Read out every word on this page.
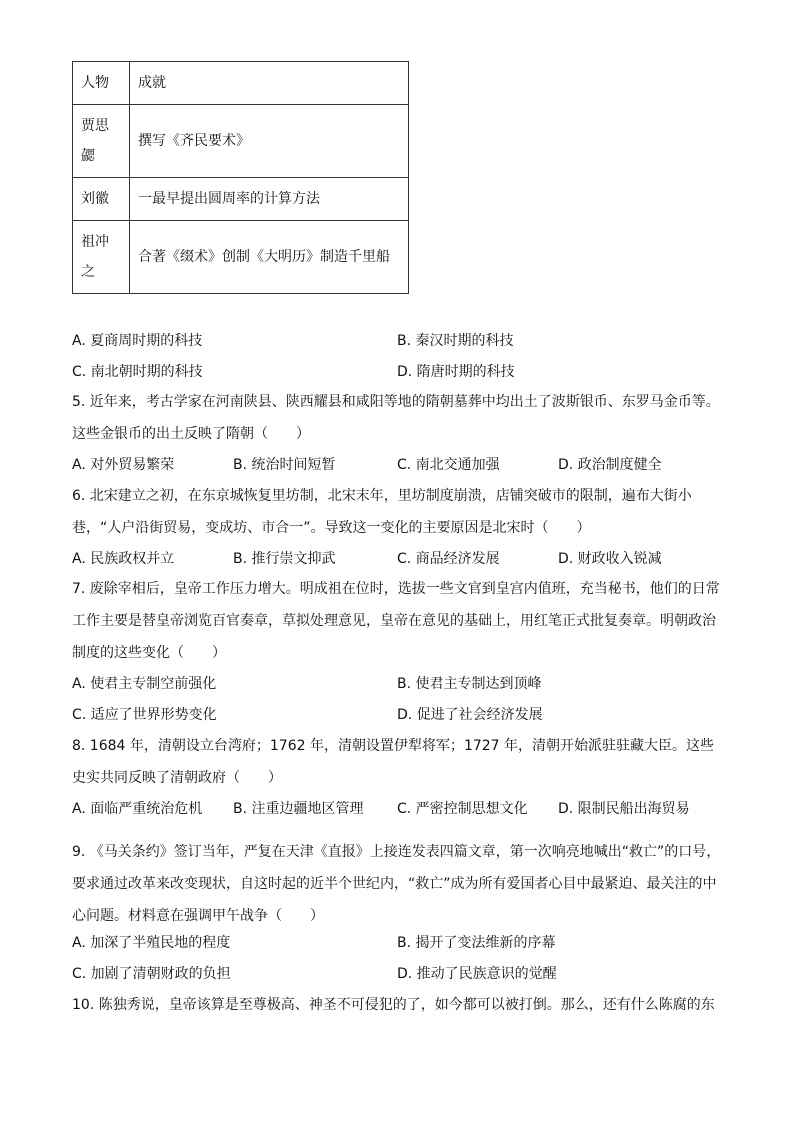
人物	成就
贾思勰	撰写《齐民要术》
刘徽	一最早提出圆周率的计算方法
祖冲之	合著《缀术》创制《大明历》制造千里船
A. 夏商周时期的科技	B. 秦汉时期的科技
C. 南北朝时期的科技	D. 隋唐时期的科技
5. 近年来，考古学家在河南陕县、陕西耀县和咸阳等地的隋朝墓葬中均出土了波斯银币、东罗马金币等。这些金银币的出土反映了隋朝（　　）
A. 对外贸易繁荣	B. 统治时间短暂	C. 南北交通加强	D. 政治制度健全
6. 北宋建立之初，在东京城恢复里坊制，北宋末年，里坊制度崩溃，店铺突破市的限制，遍布大街小巷，“人户沿街贸易，变成坊、市合一”。导致这一变化的主要原因是北宋时（　　）
A. 民族政权并立	B. 推行崇文抑武	C. 商品经济发展	D. 财政收入锐减
7. 废除宰相后，皇帝工作压力增大。明成祖在位时，选拔一些文官到皇宫内值班，充当秘书，他们的日常工作主要是替皇帝浏览百官奏章，草拟处理意见，皇帝在意见的基础上，用红笔正式批复奏章。明朝政治制度的这些变化（　　）
A. 使君主专制空前强化	B. 使君主专制达到顶峰
C. 适应了世界形势变化	D. 促进了社会经济发展
8. 1684 年，清朝设立台湾府；1762 年，清朝设置伊犁将军；1727 年，清朝开始派驻驻藏大臣。这些史实共同反映了清朝政府（　　）
A. 面临严重统治危机 B. 注重边疆地区管理 C. 严密控制思想文化 D. 限制民船出海贸易
9. 《马关条约》签订当年，严复在天津《直报》上接连发表四篇文章，第一次响亮地喊出“救亡”的口号，要求通过改革来改变现状，自这时起的近半个世纪内，“救亡”成为所有爱国者心目中最紧迫、最关注的中心问题。材料意在强调甲午战争（　　）
A. 加深了半殖民地的程度	B. 揭开了变法维新的序幕
C. 加剧了清朝财政的负担	D. 推动了民族意识的觉醒
10. 陈独秀说，皇帝该算是至尊极高、神圣不可侵犯的了，如今都可以被打倒。那么，还有什么陈腐的东
